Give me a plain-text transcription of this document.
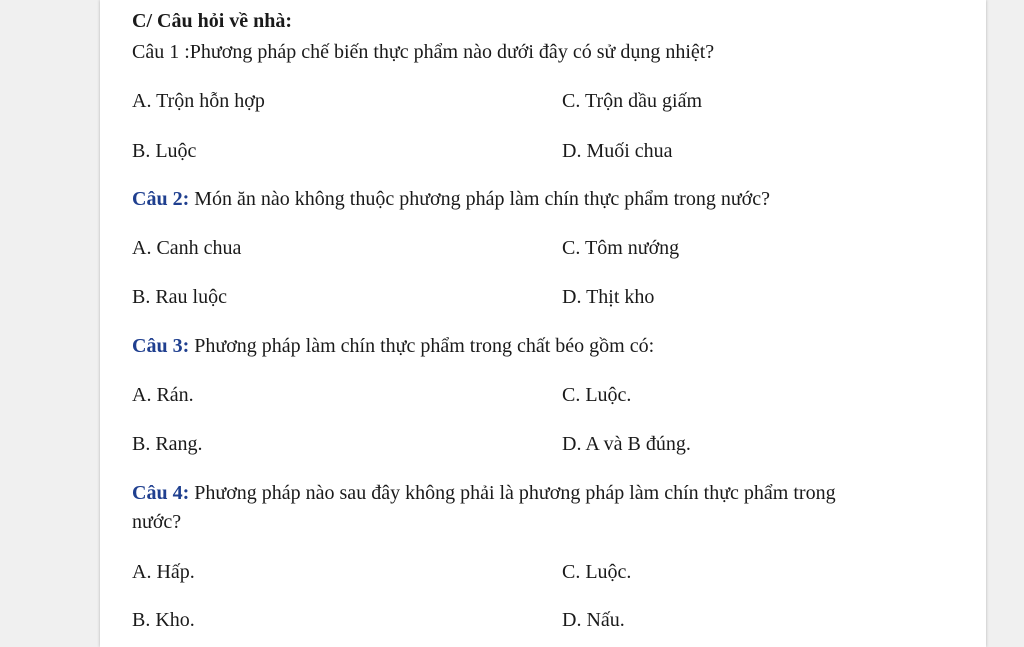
C/ Câu hỏi về nhà:
Câu 1 :Phương pháp chế biến thực phẩm nào dưới đây có sử dụng nhiệt?
A. Trộn hỗn hợp	C. Trộn dầu giấm
B. Luộc	D. Muối chua
Câu 2: Món ăn nào không thuộc phương pháp làm chín thực phẩm trong nước?
A. Canh chua	C. Tôm nướng
B. Rau luộc	D. Thịt kho
Câu 3: Phương pháp làm chín thực phẩm trong chất béo gồm có:
A. Rán.	C. Luộc.
B. Rang.	D. A và B đúng.
Câu 4: Phương pháp nào sau đây không phải là phương pháp làm chín thực phẩm trong
nước?
A. Hấp.	C. Luộc.
B. Kho.	D. Nấu.
